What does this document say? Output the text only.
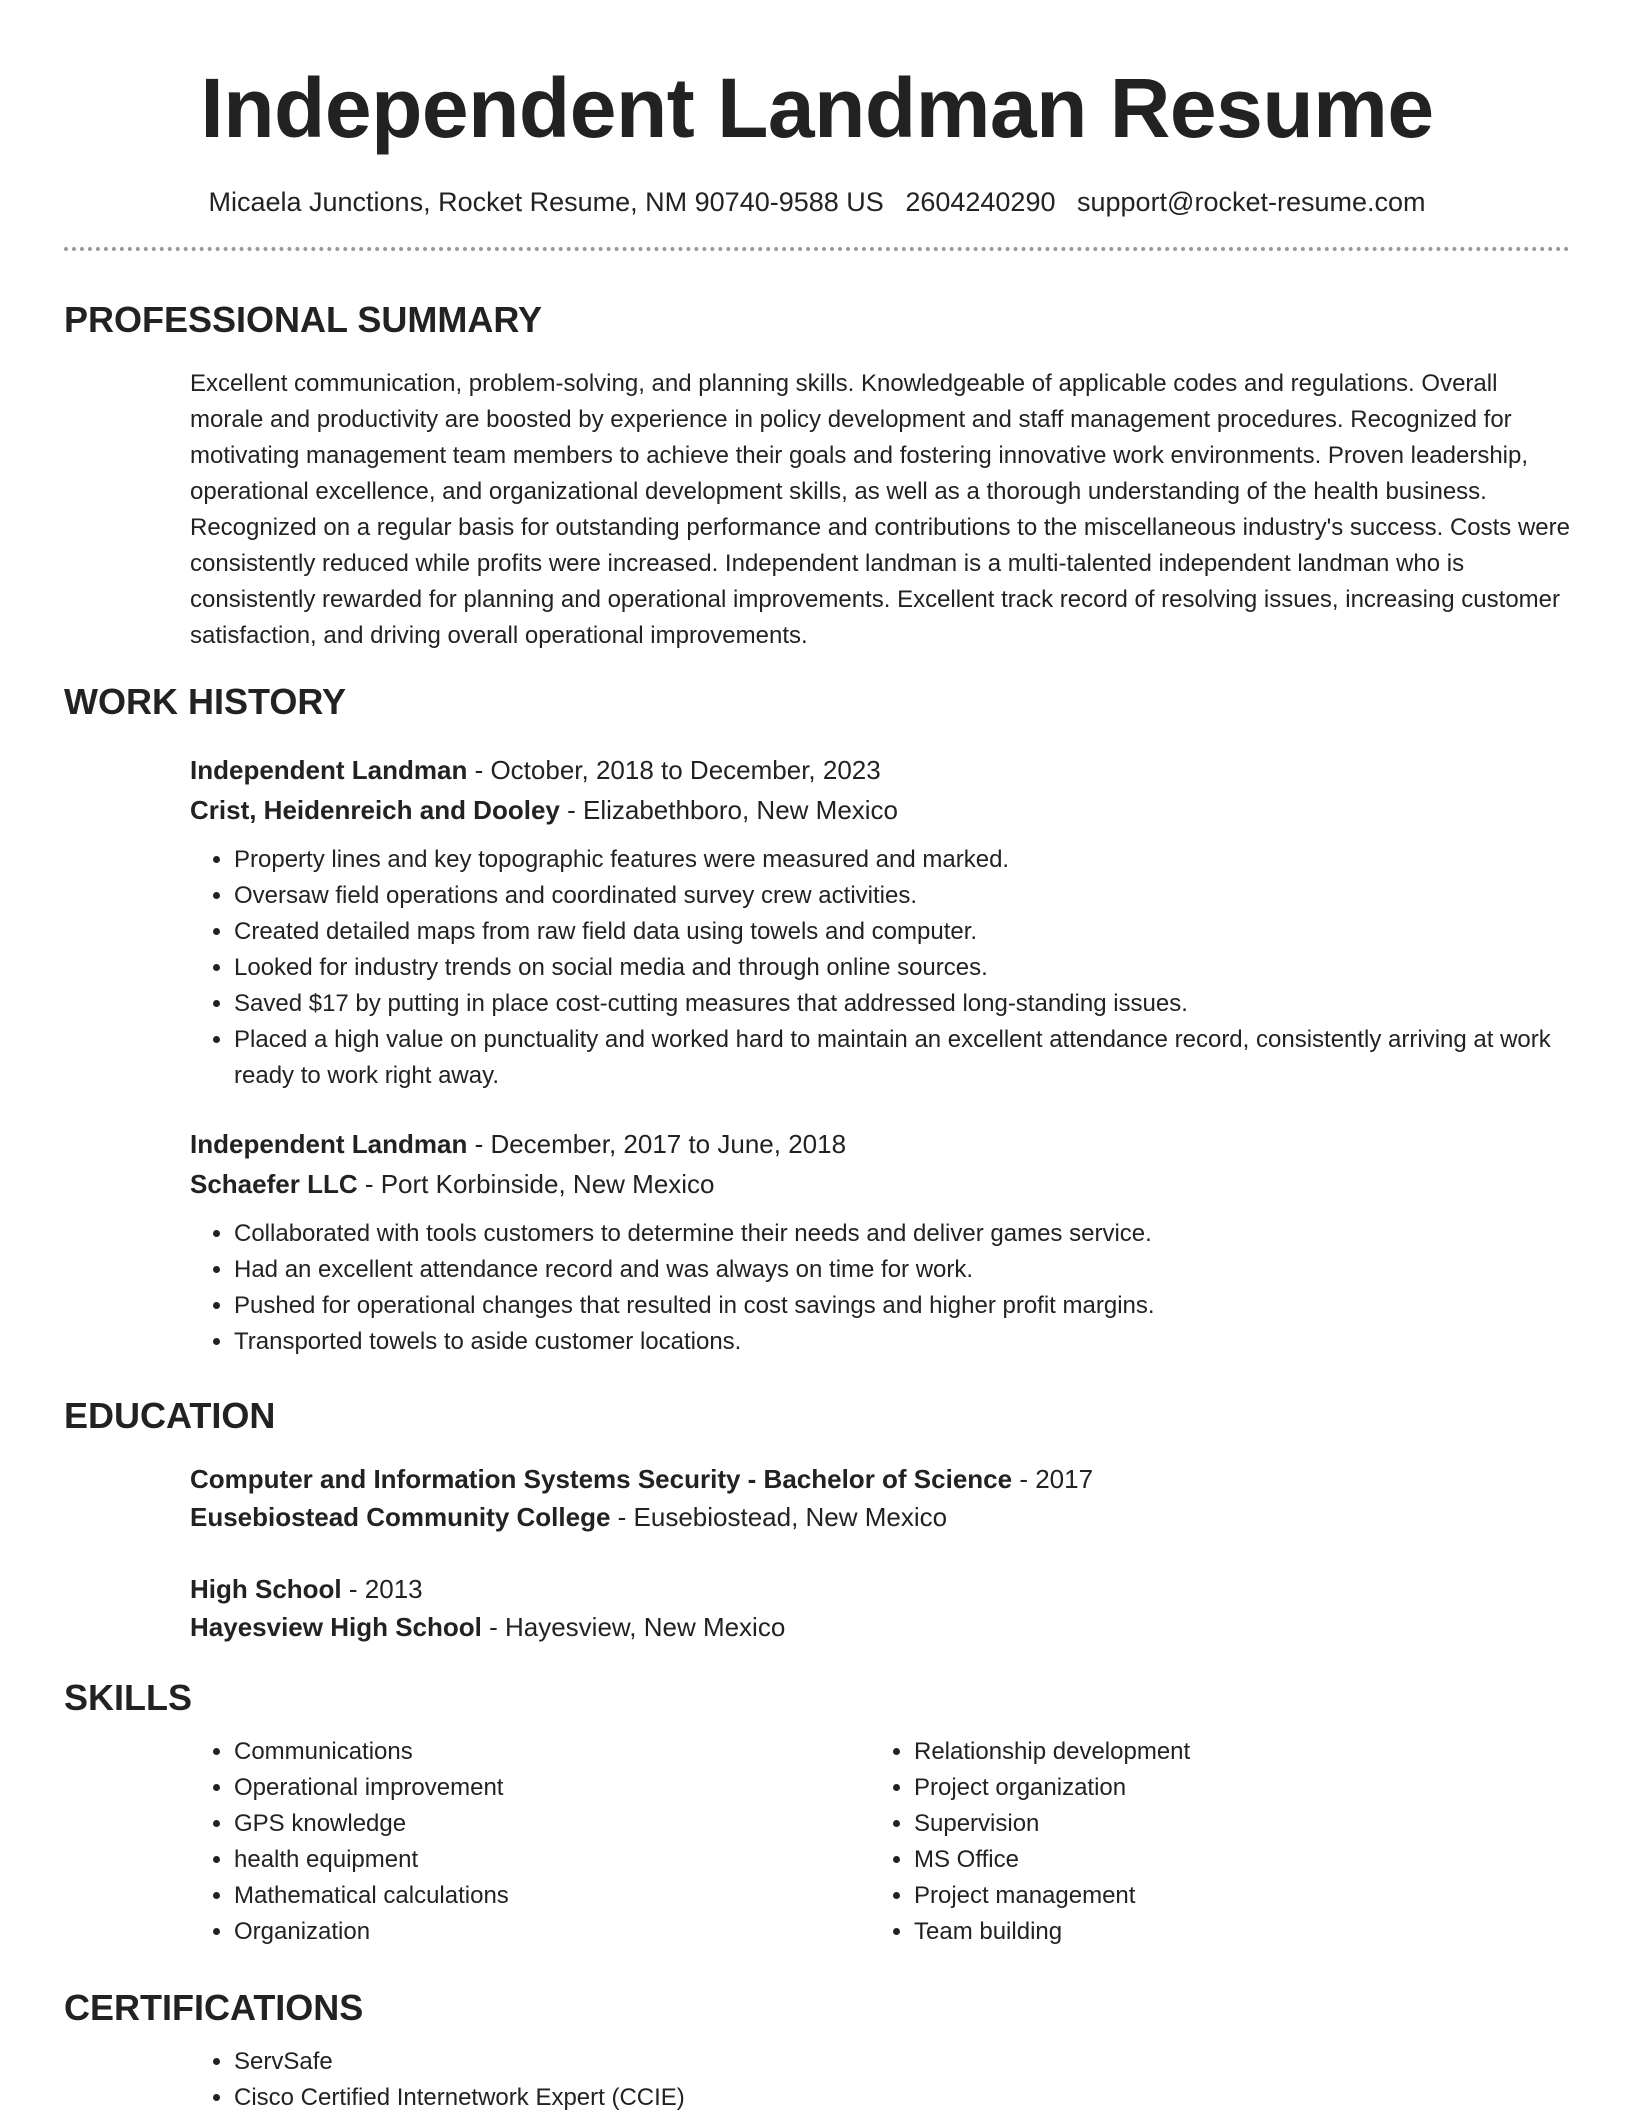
Independent Landman Resume
Micaela Junctions, Rocket Resume, NM 90740-9588 US 2604240290 support@rocket-resume.com
PROFESSIONAL SUMMARY
Excellent communication, problem-solving, and planning skills. Knowledgeable of applicable codes and regulations. Overall morale and productivity are boosted by experience in policy development and staff management procedures. Recognized for motivating management team members to achieve their goals and fostering innovative work environments. Proven leadership, operational excellence, and organizational development skills, as well as a thorough understanding of the health business. Recognized on a regular basis for outstanding performance and contributions to the miscellaneous industry's success. Costs were consistently reduced while profits were increased. Independent landman is a multi-talented independent landman who is consistently rewarded for planning and operational improvements. Excellent track record of resolving issues, increasing customer satisfaction, and driving overall operational improvements.
WORK HISTORY
Independent Landman - October, 2018 to December, 2023
Crist, Heidenreich and Dooley - Elizabethboro, New Mexico
• Property lines and key topographic features were measured and marked.
• Oversaw field operations and coordinated survey crew activities.
• Created detailed maps from raw field data using towels and computer.
• Looked for industry trends on social media and through online sources.
• Saved $17 by putting in place cost-cutting measures that addressed long-standing issues.
• Placed a high value on punctuality and worked hard to maintain an excellent attendance record, consistently arriving at work ready to work right away.
Independent Landman - December, 2017 to June, 2018
Schaefer LLC - Port Korbinside, New Mexico
• Collaborated with tools customers to determine their needs and deliver games service.
• Had an excellent attendance record and was always on time for work.
• Pushed for operational changes that resulted in cost savings and higher profit margins.
• Transported towels to aside customer locations.
EDUCATION
Computer and Information Systems Security - Bachelor of Science - 2017
Eusebiostead Community College - Eusebiostead, New Mexico
High School - 2013
Hayesview High School - Hayesview, New Mexico
SKILLS
• Communications
• Operational improvement
• GPS knowledge
• health equipment
• Mathematical calculations
• Organization
• Relationship development
• Project organization
• Supervision
• MS Office
• Project management
• Team building
CERTIFICATIONS
• ServSafe
• Cisco Certified Internetwork Expert (CCIE)
